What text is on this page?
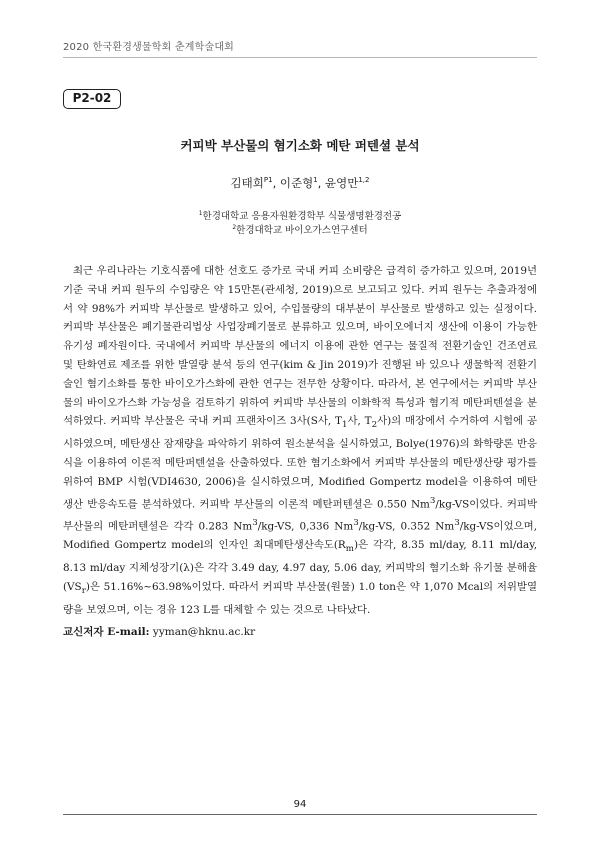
2020 한국환경생물학회 춘계학술대회
P2-02
커피박 부산물의 혐기소화 메탄 퍼텐셜 분석
김태희$^{P1}$, 이준형$^1$, 윤영만$^{1,2}$
$^1$한경대학교 응용자원환경학부 식물생명환경전공
$^2$한경대학교 바이오가스연구센터

최근 우리나라는 기호식품에 대한 선호도 증가로 국내 커피 소비량은 급격히 증가하고 있으며, 2019년 기준 국내 커피 원두의 수입량은 약 15만톤(관세청, 2019)으로 보고되고 있다. 커피 원두는 추출과정에서 약 98%가 커피박 부산물로 발생하고 있어, 수입물량의 대부분이 부산물로 발생하고 있는 실정이다. 커피박 부산물은 폐기물관리법상 사업장폐기물로 분류하고 있으며, 바이오에너지 생산에 이용이 가능한 유기성 폐자원이다. 국내에서 커피박 부산물의 에너지 이용에 관한 연구는 물질적 전환기술인 건조연료 및 탄화연료 제조를 위한 발열량 분석 등의 연구(kim & Jin 2019)가 진행된 바 있으나 생물학적 전환기술인 혐기소화를 통한 바이오가스화에 관한 연구는 전무한 상황이다. 따라서, 본 연구에서는 커피박 부산물의 바이오가스화 가능성을 검토하기 위하여 커피박 부산물의 이화학적 특성과 혐기적 메탄퍼텐셜을 분석하였다. 커피박 부산물은 국내 커피 프랜차이즈 3사(S사, $T_1$사, $T_2$사)의 매장에서 수거하여 시험에 공시하였으며, 메탄생산 잠재량을 파악하기 위하여 원소분석을 실시하였고, Bolye(1976)의 화학량론 반응식을 이용하여 이론적 메탄퍼텐셜을 산출하였다. 또한 혐기소화에서 커피박 부산물의 메탄생산량 평가를 위하여 BMP 시험(VDI4630, 2006)을 실시하였으며, Modified Gompertz model을 이용하여 메탄 생산 반응속도를 분석하였다. 커피박 부산물의 이론적 메탄퍼텐셜은 0.550 Nm$^3$/kg-VS이었다. 커피박 부산물의 메탄퍼텐셜은 각각 0.283 Nm$^3$/kg-VS, 0,336 Nm$^3$/kg-VS, 0.352 Nm$^3$/kg-VS이었으며, Modified Gompertz model의 인자인 최대메탄생산속도$(R_m)$은 각각, 8.35 ml/day, 8.11 ml/day, 8.13 ml/day 지체성장기(λ)은 각각 3.49 day, 4.97 day, 5.06 day, 커피박의 혐기소화 유기물 분해율$(VS_r)$은 51.16%~63.98%이었다. 따라서 커피박 부산물(원물) 1.0 ton은 약 1,070 Mcal의 저위발열량을 보였으며, 이는 경유 123 L를 대체할 수 있는 것으로 나타났다.

교신저자 E-mail: yyman@hknu.ac.kr
94
